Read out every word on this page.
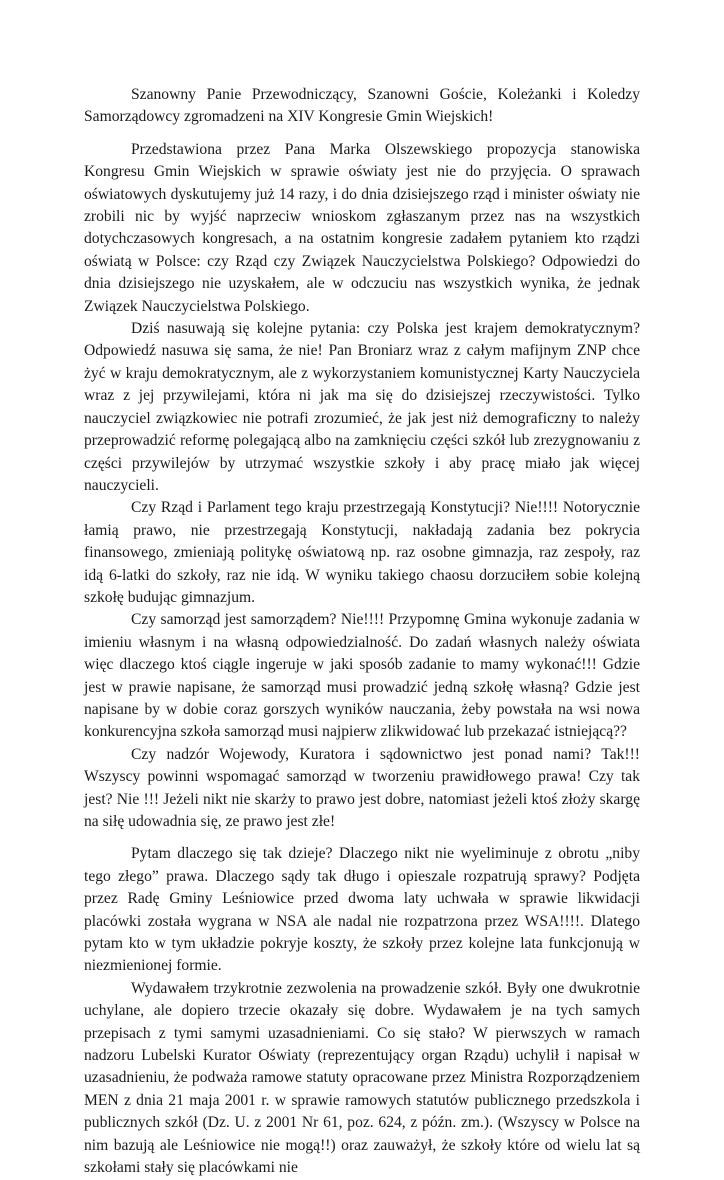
Szanowny Panie Przewodniczący, Szanowni Goście, Koleżanki i Koledzy Samorządowcy zgromadzeni na XIV Kongresie Gmin Wiejskich!

Przedstawiona przez Pana Marka Olszewskiego propozycja stanowiska Kongresu Gmin Wiejskich w sprawie oświaty jest nie do przyjęcia. O sprawach oświatowych dyskutujemy już 14 razy, i do dnia dzisiejszego rząd i minister oświaty nie zrobili nic by wyjść naprzeciw wnioskom zgłaszanym przez nas na wszystkich dotychczasowych kongresach, a na ostatnim kongresie zadałem pytaniem kto rządzi oświatą w Polsce: czy Rząd czy Związek Nauczycielstwa Polskiego? Odpowiedzi do dnia dzisiejszego nie uzyskałem, ale w odczuciu nas wszystkich wynika, że jednak Związek Nauczycielstwa Polskiego.

Dziś nasuwają się kolejne pytania: czy Polska jest krajem demokratycznym? Odpowiedź nasuwa się sama, że nie! Pan Broniarz wraz z całym mafijnym ZNP chce żyć w kraju demokratycznym, ale z wykorzystaniem komunistycznej Karty Nauczyciela wraz z jej przywilejami, która ni jak ma się do dzisiejszej rzeczywistości. Tylko nauczyciel związkowiec nie potrafi zrozumieć, że jak jest niż demograficzny to należy przeprowadzić reformę polegającą albo na zamknięciu części szkół lub zrezygnowaniu z części przywilejów by utrzymać wszystkie szkoły i aby pracę miało jak więcej nauczycieli.

Czy Rząd i Parlament tego kraju przestrzegają Konstytucji? Nie!!!! Notorycznie łamią prawo, nie przestrzegają Konstytucji, nakładają zadania bez pokrycia finansowego, zmieniają politykę oświatową np. raz osobne gimnazja, raz zespoły, raz idą 6-latki do szkoły, raz nie idą. W wyniku takiego chaosu dorzuciłem sobie kolejną szkołę budując gimnazjum.

Czy samorząd jest samorządem? Nie!!!! Przypomnę Gmina wykonuje zadania w imieniu własnym i na własną odpowiedzialność. Do zadań własnych należy oświata więc dlaczego ktoś ciągle ingeruje w jaki sposób zadanie to mamy wykonać!!! Gdzie jest w prawie napisane, że samorząd musi prowadzić jedną szkołę własną? Gdzie jest napisane by w dobie coraz gorszych wyników nauczania, żeby powstała na wsi nowa konkurencyjna szkoła samorząd musi najpierw zlikwidować lub przekazać istniejącą??

Czy nadzór Wojewody, Kuratora i sądownictwo jest ponad nami? Tak!!! Wszyscy powinni wspomagać samorząd w tworzeniu prawidłowego prawa! Czy tak jest? Nie !!! Jeżeli nikt nie skarży to prawo jest dobre, natomiast jeżeli ktoś złoży skargę na siłę udowadnia się, ze prawo jest złe!

Pytam dlaczego się tak dzieje? Dlaczego nikt nie wyeliminuje z obrotu „niby tego złego” prawa. Dlaczego sądy tak długo i opieszale rozpatrują sprawy? Podjęta przez Radę Gminy Leśniowice przed dwoma laty uchwała w sprawie likwidacji placówki została wygrana w NSA ale nadal nie rozpatrzona przez WSA!!!!. Dlatego pytam kto w tym układzie pokryje koszty, że szkoły przez kolejne lata funkcjonują w niezmienionej formie.

Wydawałem trzykrotnie zezwolenia na prowadzenie szkół. Były one dwukrotnie uchylane, ale dopiero trzecie okazały się dobre. Wydawałem je na tych samych przepisach z tymi samymi uzasadnieniami. Co się stało? W pierwszych w ramach nadzoru Lubelski Kurator Oświaty (reprezentujący organ Rządu) uchylił i napisał w uzasadnieniu, że podważa ramowe statuty opracowane przez Ministra Rozporządzeniem MEN z dnia 21 maja 2001 r. w sprawie ramowych statutów publicznego przedszkola i publicznych szkół (Dz. U. z 2001 Nr 61, poz. 624, z późn. zm.). (Wszyscy w Polsce na nim bazują ale Leśniowice nie mogą!!) oraz zauważył, że szkoły które od wielu lat są szkołami stały się placówkami nie
